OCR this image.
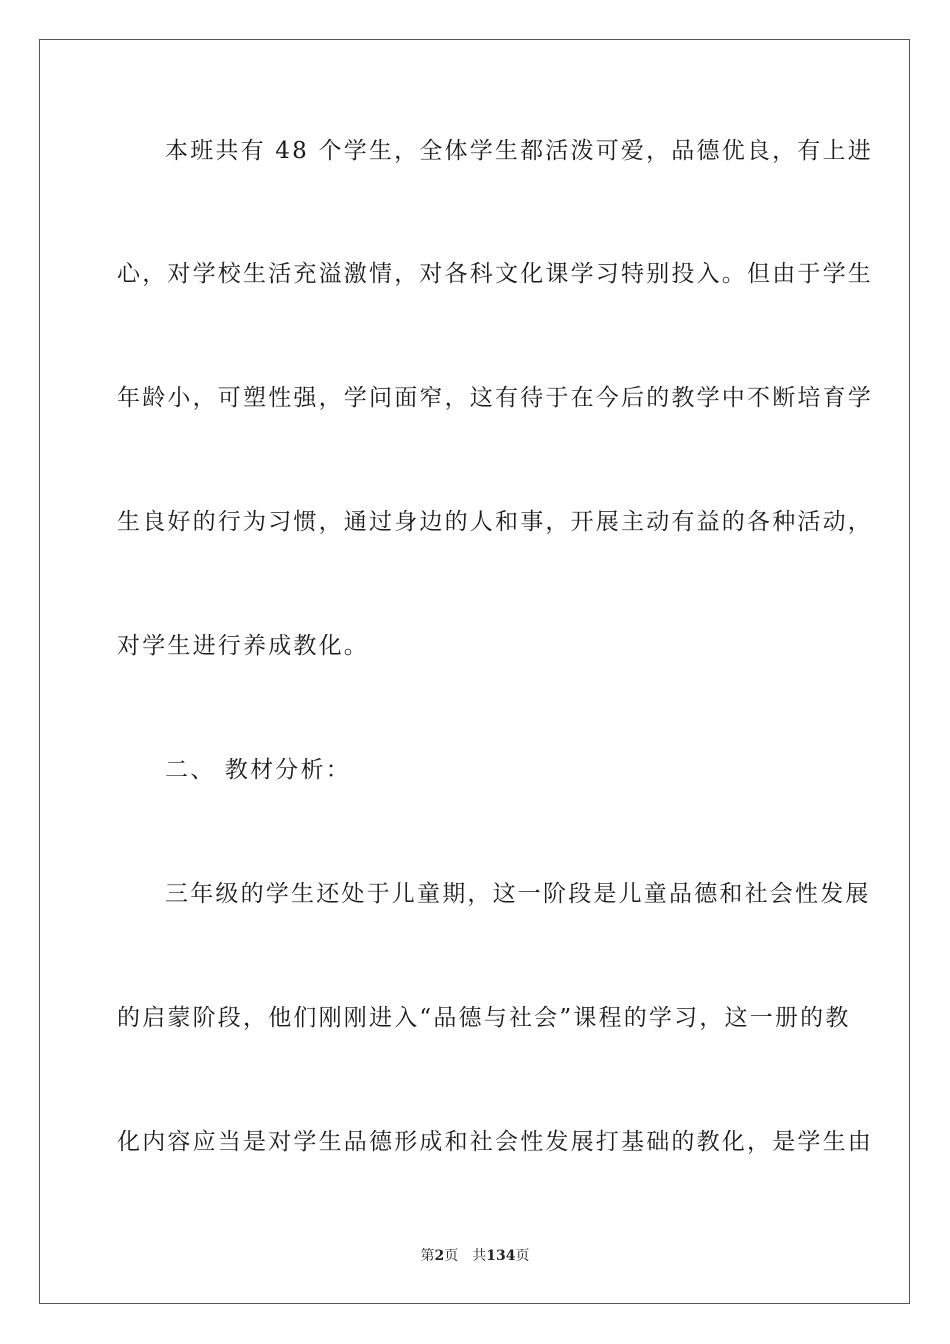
本班共有 48 个学生，全体学生都活泼可爱，品德优良，有上进
心，对学校生活充溢激情，对各科文化课学习特别投入。但由于学生
年龄小，可塑性强，学问面窄，这有待于在今后的教学中不断培育学
生良好的行为习惯，通过身边的人和事，开展主动有益的各种活动，
对学生进行养成教化。
二、 教材分析：
三年级的学生还处于儿童期，这一阶段是儿童品德和社会性发展
的启蒙阶段，他们刚刚进入“品德与社会”课程的学习，这一册的教
化内容应当是对学生品德形成和社会性发展打基础的教化，是学生由
第2页 共134页
